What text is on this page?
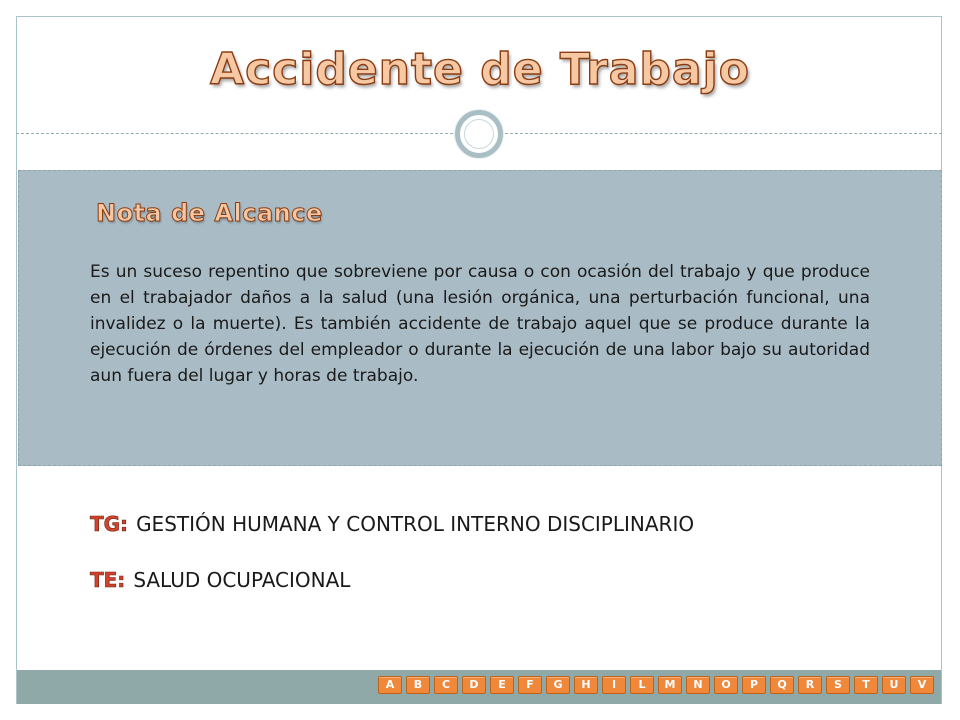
Accidente de Trabajo
Nota de Alcance
Es un suceso repentino que sobreviene por causa o con ocasión del trabajo y que produce en el trabajador daños a la salud (una lesión orgánica, una perturbación funcional, una invalidez o la muerte). Es también accidente de trabajo aquel que se produce durante la ejecución de órdenes del empleador o durante la ejecución de una labor bajo su autoridad aun fuera del lugar y horas de trabajo.
TG: GESTIÓN HUMANA Y CONTROL INTERNO DISCIPLINARIO
TE: SALUD OCUPACIONAL
A	B	C	D	E	F	G	H	I	L	M	N	O	P	Q	R	S	T	U	V
